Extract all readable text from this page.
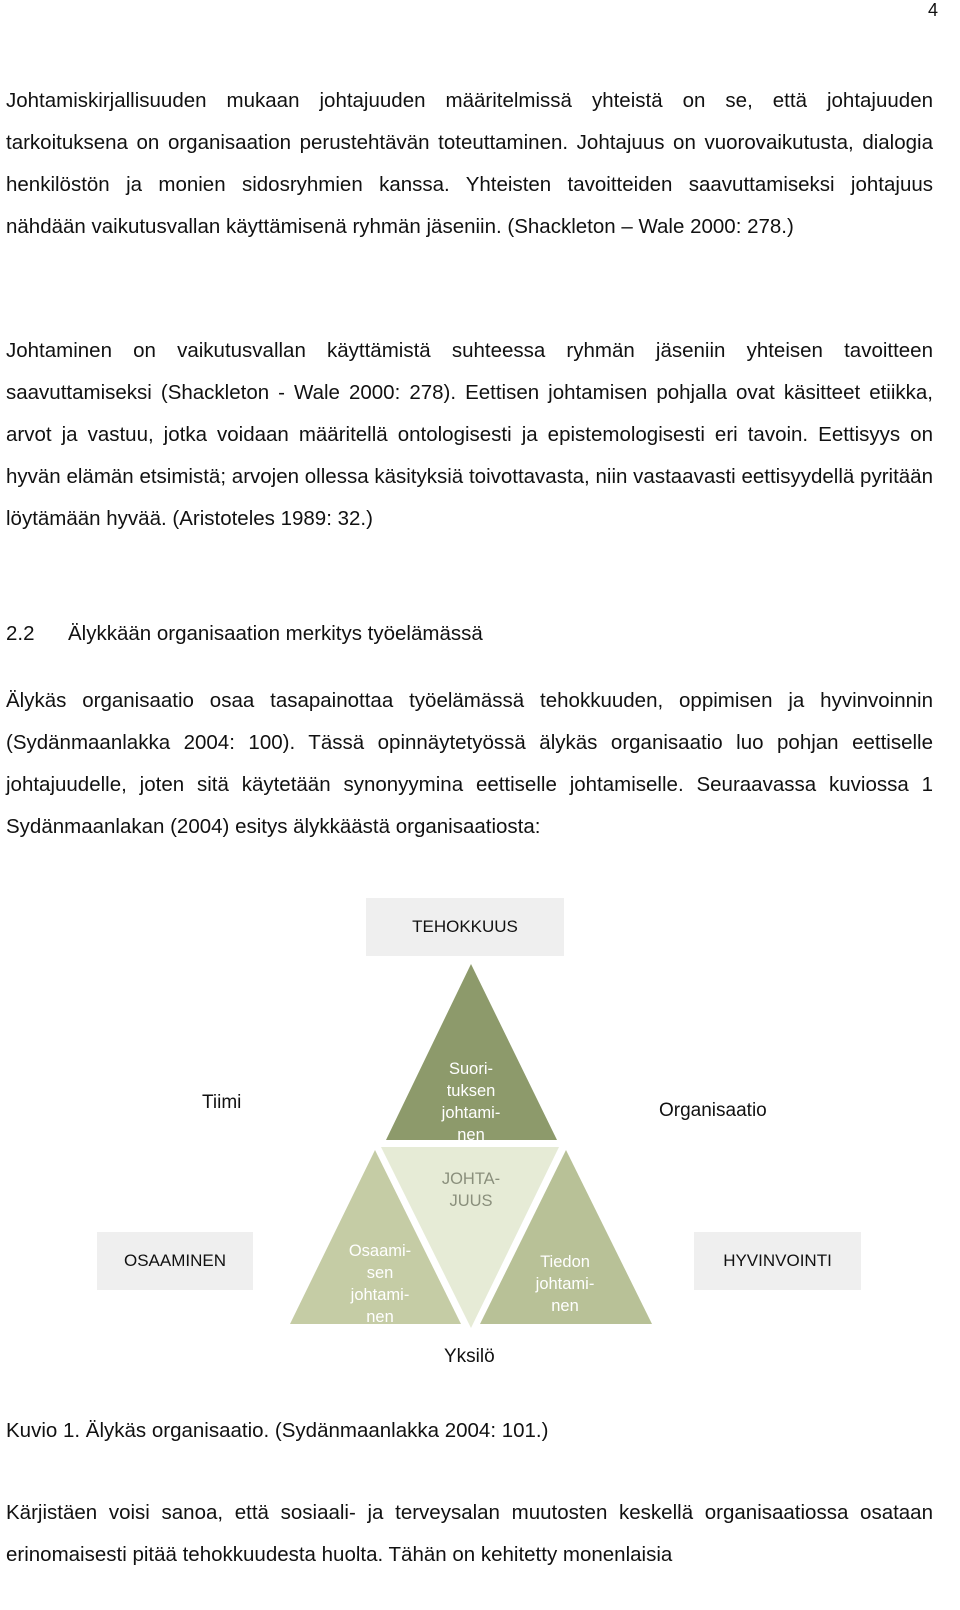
4

Johtamiskirjallisuuden mukaan johtajuuden määritelmissä yhteistä on se, että johtajuuden tarkoituksena on organisaation perustehtävän toteuttaminen. Johtajuus on vuorovaikutusta, dialogia henkilöstön ja monien sidosryhmien kanssa. Yhteisten tavoitteiden saavuttamiseksi johtajuus nähdään vaikutusvallan käyttämisenä ryhmän jäseniin. (Shackleton – Wale 2000: 278.)

Johtaminen on vaikutusvallan käyttämistä suhteessa ryhmän jäseniin yhteisen tavoitteen saavuttamiseksi (Shackleton - Wale 2000: 278). Eettisen johtamisen pohjalla ovat käsitteet etiikka, arvot ja vastuu, jotka voidaan määritellä ontologisesti ja epistemologisesti eri tavoin. Eettisyys on hyvän elämän etsimistä; arvojen ollessa käsityksiä toivottavasta, niin vastaavasti eettisyydellä pyritään löytämään hyvää. (Aristoteles 1989: 32.)

2.2 Älykkään organisaation merkitys työelämässä

Älykäs organisaatio osaa tasapainottaa työelämässä tehokkuuden, oppimisen ja hyvinvoinnin (Sydänmaanlakka 2004: 100). Tässä opinnäytetyössä älykäs organisaatio luo pohjan eettiselle johtajuudelle, joten sitä käytetään synonyymina eettiselle johtamiselle. Seuraavassa kuviossa 1 Sydänmaanlakan (2004) esitys älykkäästä organisaatiosta:

TEHOKKUUS
OSAAMINEN	HYVINVOINTI
Suori-
tuksen
johtami-
nen
JOHTA-
JUUS
Osaami-
sen
johtami-
nen
Tiedon
johtami-
nen
Tiimi	Organisaatio
Yksilö
Kuvio 1. Älykäs organisaatio. (Sydänmaanlakka 2004: 101.)

Kärjistäen voisi sanoa, että sosiaali- ja terveysalan muutosten keskellä organisaatiossa osataan erinomaisesti pitää tehokkuudesta huolta. Tähän on kehitetty monenlaisia
